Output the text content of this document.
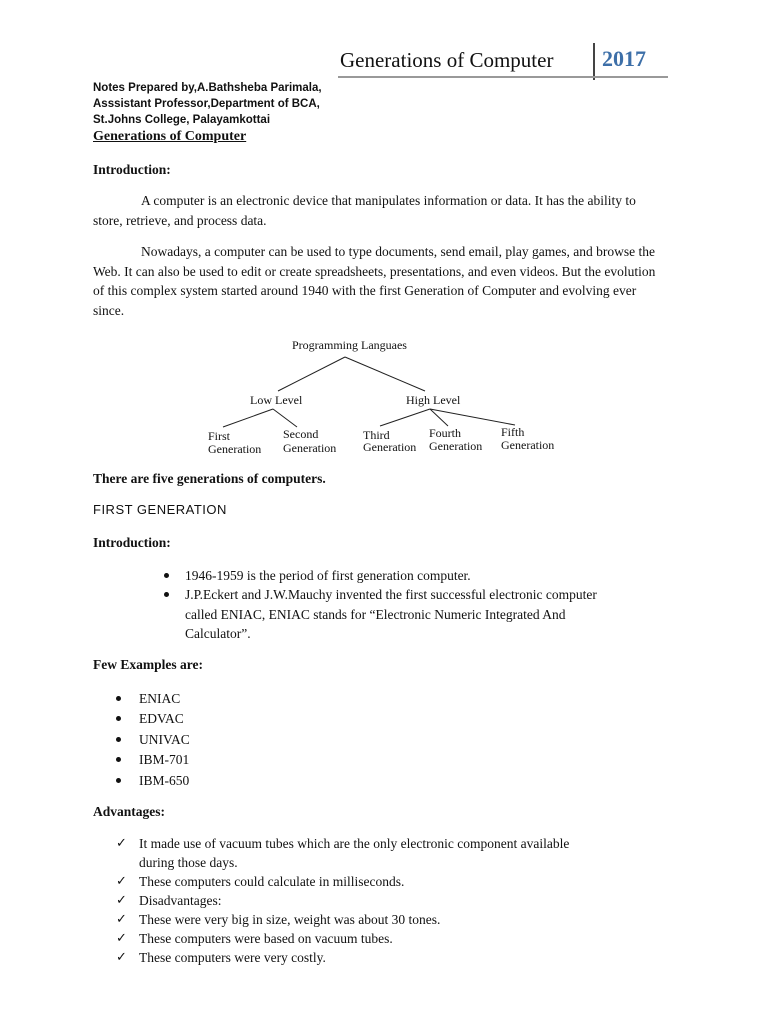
Generations of Computer 2017
Notes Prepared by,A.Bathsheba Parimala,
Asssistant Professor,Department of BCA,
St.Johns College, Palayamkottai
Generations of Computer
Introduction:

A computer is an electronic device that manipulates information or data. It has the ability to store, retrieve, and process data.

Nowadays, a computer can be used to type documents, send email, play games, and browse the Web. It can also be used to edit or create spreadsheets, presentations, and even videos. But the evolution of this complex system started around 1940 with the first Generation of Computer and evolving ever since.

Programming Languaes
Low Level	High Level
First
Generation
Second
Generation
Third
Generation
Fourth
Generation
Fifth
Generation
There are five generations of computers.
FIRST GENERATION
Introduction:
1946-1959 is the period of first generation computer.
J.P.Eckert and J.W.Mauchy invented the first successful electronic computer
called ENIAC, ENIAC stands for “Electronic Numeric Integrated And
Calculator”.
Few Examples are:
ENIAC
EDVAC
UNIVAC
IBM-701
IBM-650
Advantages:
✓ It made use of vacuum tubes which are the only electronic component available
during those days.
✓ These computers could calculate in milliseconds.
✓ Disadvantages:
✓ These were very big in size, weight was about 30 tones.
✓ These computers were based on vacuum tubes.
✓ These computers were very costly.
